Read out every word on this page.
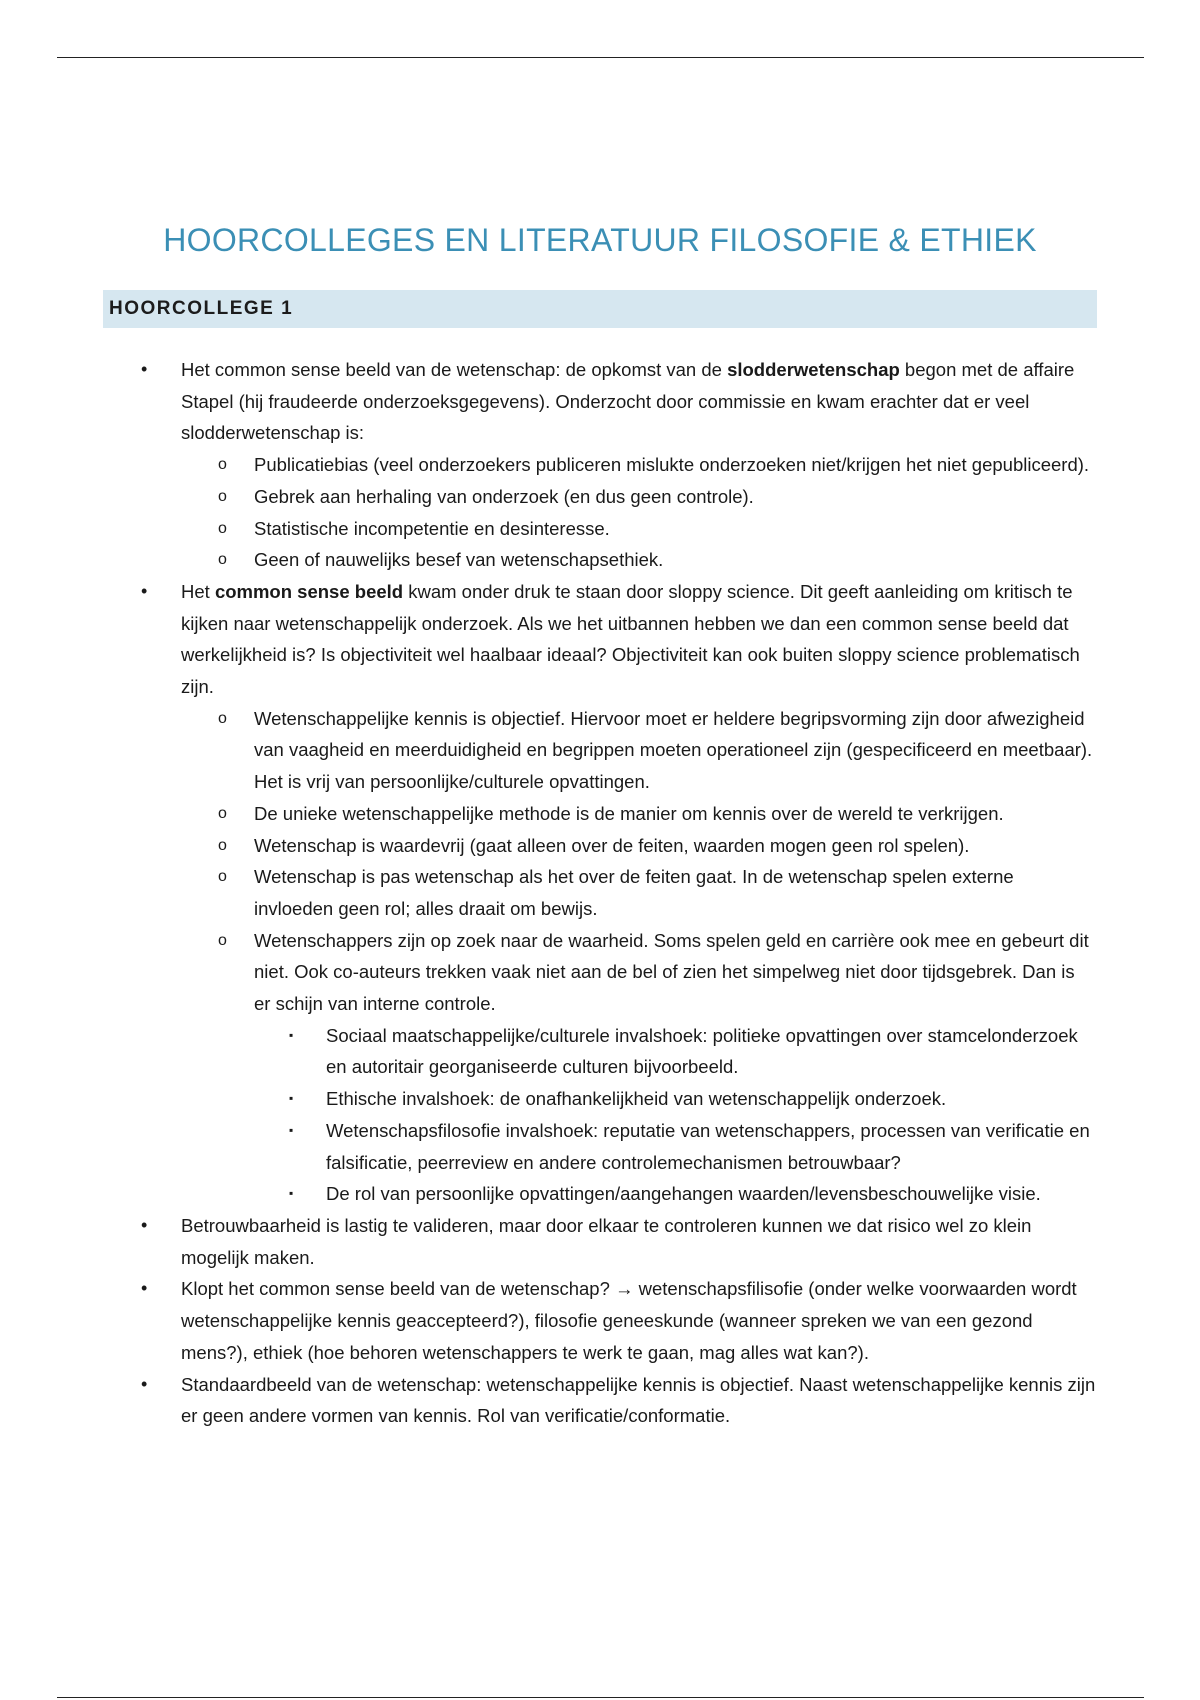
HOORCOLLEGES EN LITERATUUR FILOSOFIE & ETHIEK
HOORCOLLEGE 1

• Het common sense beeld van de wetenschap: de opkomst van de slodderwetenschap begon met de affaire Stapel (hij fraudeerde onderzoeksgegevens). Onderzocht door commissie en kwam erachter dat er veel slodderwetenschap is:

o Publicatiebias (veel onderzoekers publiceren mislukte onderzoeken niet/krijgen het niet gepubliceerd).

o Gebrek aan herhaling van onderzoek (en dus geen controle).

o Statistische incompetentie en desinteresse.

o Geen of nauwelijks besef van wetenschapsethiek.

• Het common sense beeld kwam onder druk te staan door sloppy science. Dit geeft aanleiding om kritisch te kijken naar wetenschappelijk onderzoek. Als we het uitbannen hebben we dan een common sense beeld dat werkelijkheid is? Is objectiviteit wel haalbaar ideaal? Objectiviteit kan ook buiten sloppy science problematisch zijn.

o Wetenschappelijke kennis is objectief. Hiervoor moet er heldere begripsvorming zijn door afwezigheid van vaagheid en meerduidigheid en begrippen moeten operationeel zijn (gespecificeerd en meetbaar). Het is vrij van persoonlijke/culturele opvattingen.

o De unieke wetenschappelijke methode is de manier om kennis over de wereld te verkrijgen.

o Wetenschap is waardevrij (gaat alleen over de feiten, waarden mogen geen rol spelen).

o Wetenschap is pas wetenschap als het over de feiten gaat. In de wetenschap spelen externe invloeden geen rol; alles draait om bewijs.

o Wetenschappers zijn op zoek naar de waarheid. Soms spelen geld en carrière ook mee en gebeurt dit niet. Ook co-auteurs trekken vaak niet aan de bel of zien het simpelweg niet door tijdsgebrek. Dan is er schijn van interne controle.

▪ Sociaal maatschappelijke/culturele invalshoek: politieke opvattingen over stamcelonderzoek en autoritair georganiseerde culturen bijvoorbeeld.

▪ Ethische invalshoek: de onafhankelijkheid van wetenschappelijk onderzoek.

▪ Wetenschapsfilosofie invalshoek: reputatie van wetenschappers, processen van verificatie en falsificatie, peerreview en andere controlemechanismen betrouwbaar?

▪ De rol van persoonlijke opvattingen/aangehangen waarden/levensbeschouwelijke visie.

• Betrouwbaarheid is lastig te valideren, maar door elkaar te controleren kunnen we dat risico wel zo klein mogelijk maken.

• Klopt het common sense beeld van de wetenschap? → wetenschapsfilisofie (onder welke voorwaarden wordt wetenschappelijke kennis geaccepteerd?), filosofie geneeskunde (wanneer spreken we van een gezond mens?), ethiek (hoe behoren wetenschappers te werk te gaan, mag alles wat kan?).

• Standaardbeeld van de wetenschap: wetenschappelijke kennis is objectief. Naast wetenschappelijke kennis zijn er geen andere vormen van kennis. Rol van verificatie/conformatie.
